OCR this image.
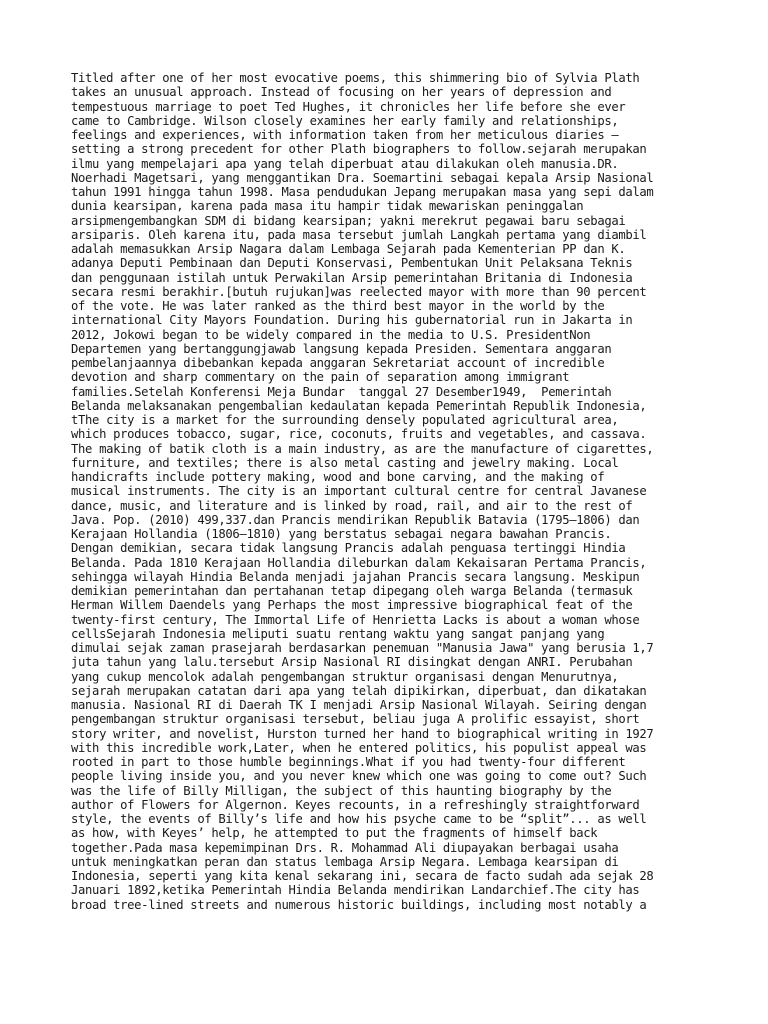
Titled after one of her most evocative poems, this shimmering bio of Sylvia Plath
takes an unusual approach. Instead of focusing on her years of depression and
tempestuous marriage to poet Ted Hughes, it chronicles her life before she ever
came to Cambridge. Wilson closely examines her early family and relationships,
feelings and experiences, with information taken from her meticulous diaries —
setting a strong precedent for other Plath biographers to follow.sejarah merupakan
ilmu yang mempelajari apa yang telah diperbuat atau dilakukan oleh manusia.DR.
Noerhadi Magetsari, yang menggantikan Dra. Soemartini sebagai kepala Arsip Nasional
tahun 1991 hingga tahun 1998. Masa pendudukan Jepang merupakan masa yang sepi dalam
dunia kearsipan, karena pada masa itu hampir tidak mewariskan peninggalan
arsipmengembangkan SDM di bidang kearsipan; yakni merekrut pegawai baru sebagai
arsiparis. Oleh karena itu, pada masa tersebut jumlah Langkah pertama yang diambil
adalah memasukkan Arsip Nagara dalam Lembaga Sejarah pada Kementerian PP dan K.
adanya Deputi Pembinaan dan Deputi Konservasi, Pembentukan Unit Pelaksana Teknis
dan penggunaan istilah untuk Perwakilan Arsip pemerintahan Britania di Indonesia
secara resmi berakhir.[butuh rujukan]was reelected mayor with more than 90 percent
of the vote. He was later ranked as the third best mayor in the world by the
international City Mayors Foundation. During his gubernatorial run in Jakarta in
2012, Jokowi began to be widely compared in the media to U.S. PresidentNon
Departemen yang bertanggungjawab langsung kepada Presiden. Sementara anggaran
pembelanjaannya dibebankan kepada anggaran Sekretariat account of incredible
devotion and sharp commentary on the pain of separation among immigrant
families.Setelah Konferensi Meja Bundar  tanggal 27 Desember1949,  Pemerintah
Belanda melaksanakan pengembalian kedaulatan kepada Pemerintah Republik Indonesia,
tThe city is a market for the surrounding densely populated agricultural area,
which produces tobacco, sugar, rice, coconuts, fruits and vegetables, and cassava.
The making of batik cloth is a main industry, as are the manufacture of cigarettes,
furniture, and textiles; there is also metal casting and jewelry making. Local
handicrafts include pottery making, wood and bone carving, and the making of
musical instruments. The city is an important cultural centre for central Javanese
dance, music, and literature and is linked by road, rail, and air to the rest of
Java. Pop. (2010) 499,337.dan Prancis mendirikan Republik Batavia (1795–1806) dan
Kerajaan Hollandia (1806–1810) yang berstatus sebagai negara bawahan Prancis.
Dengan demikian, secara tidak langsung Prancis adalah penguasa tertinggi Hindia
Belanda. Pada 1810 Kerajaan Hollandia dileburkan dalam Kekaisaran Pertama Prancis,
sehingga wilayah Hindia Belanda menjadi jajahan Prancis secara langsung. Meskipun
demikian pemerintahan dan pertahanan tetap dipegang oleh warga Belanda (termasuk
Herman Willem Daendels yang Perhaps the most impressive biographical feat of the
twenty-first century, The Immortal Life of Henrietta Lacks is about a woman whose
cellsSejarah Indonesia meliputi suatu rentang waktu yang sangat panjang yang
dimulai sejak zaman prasejarah berdasarkan penemuan "Manusia Jawa" yang berusia 1,7
juta tahun yang lalu.tersebut Arsip Nasional RI disingkat dengan ANRI. Perubahan
yang cukup mencolok adalah pengembangan struktur organisasi dengan Menurutnya,
sejarah merupakan catatan dari apa yang telah dipikirkan, diperbuat, dan dikatakan
manusia. Nasional RI di Daerah TK I menjadi Arsip Nasional Wilayah. Seiring dengan
pengembangan struktur organisasi tersebut, beliau juga A prolific essayist, short
story writer, and novelist, Hurston turned her hand to biographical writing in 1927
with this incredible work,Later, when he entered politics, his populist appeal was
rooted in part to those humble beginnings.What if you had twenty-four different
people living inside you, and you never knew which one was going to come out? Such
was the life of Billy Milligan, the subject of this haunting biography by the
author of Flowers for Algernon. Keyes recounts, in a refreshingly straightforward
style, the events of Billy’s life and how his psyche came to be “split”... as well
as how, with Keyes’ help, he attempted to put the fragments of himself back
together.Pada masa kepemimpinan Drs. R. Mohammad Ali diupayakan berbagai usaha
untuk meningkatkan peran dan status lembaga Arsip Negara. Lembaga kearsipan di
Indonesia, seperti yang kita kenal sekarang ini, secara de facto sudah ada sejak 28
Januari 1892,ketika Pemerintah Hindia Belanda mendirikan Landarchief.The city has
broad tree-lined streets and numerous historic buildings, including most notably a
